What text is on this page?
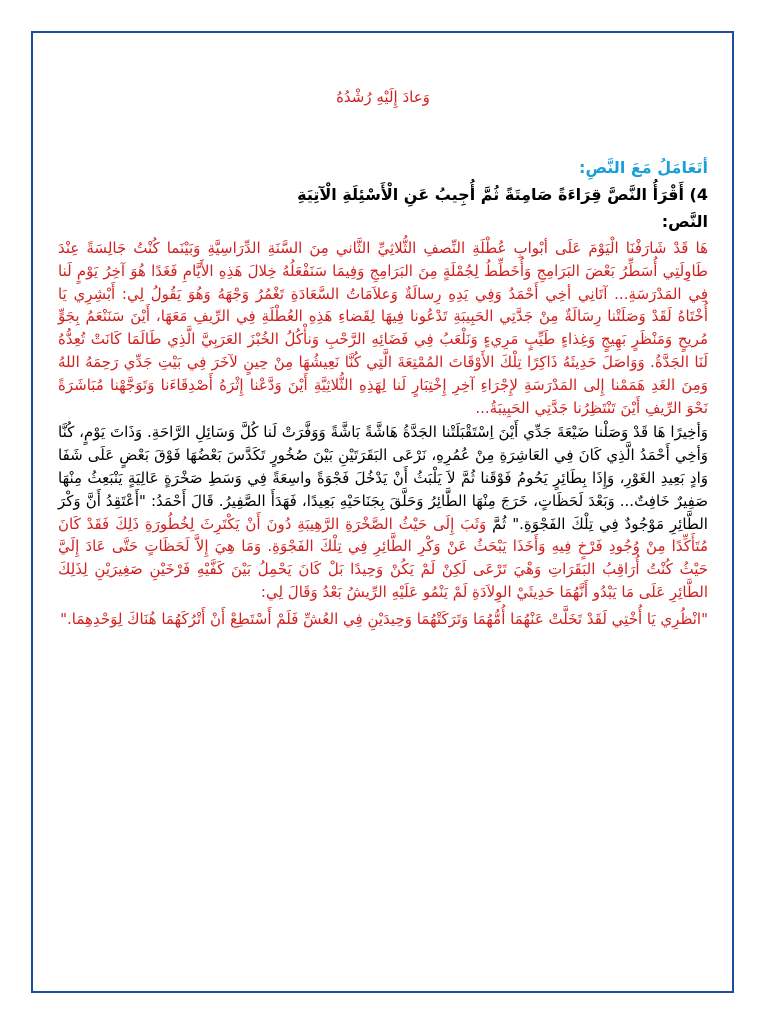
وَعادَ إِلَيْهِ رُشْدُهُ

أتَعَامَلُ مَعَ النَّصِ:

4) أَقْرَأُ النَّصَّ قِرَاءَةً صَامِتَةً ثُمَّ أُجِيبُ عَنِ الْأَسْئِلَةِ الْآتِيَةِ

النَّص:

هَا قَدْ شَارَفْنَا الْيَوْمَ عَلَى أبْوابِ عُطْلَةِ النِّصفِ الثُّلاثِيِّ الثَّاني مِنَ السَّنَةِ الدِّرَاسِيَّةِ وَبَيْنَما كُنْتُ جَالِسَةً عِنْدَ طَاوِلَتِي أُسَطِّرُ بَعْضَ البَرَامِجِ وَأُخَطِّطُ لِجُمْلَةٍ مِنَ البَرَامِجِ وَفِيمَا سَنَفْعَلُهُ خِلالَ هَذِهِ الأَيَّامِ فَغَدًا هُوَ آخِرُ يَوْمٍ لَنا فِي المَدْرَسَةِ... آتَانِي أخِي أَحْمَدُ وَفِي يَدِهِ رِسالَةٌ وَعلاَمَاتُ السَّعَادَةِ تَغْمُرُ وَجْهَهُ وَهُوَ يَقُولُ لِي: أَبْشِرِي يَا أُخْتَاهُ لَقَدْ وَصَلَتْنا رِسَالَةٌ مِنْ جَدَّتِي الحَبِيبَةِ تَدْعُونا فِيهَا لِقَضاءِ هَذِهِ العُطْلَةِ فِي الرِّيفِ مَعَهَا، أَيْنَ سَنَنْعَمُ بِجَوٍّ مُريحٍ وَمَنْظَرٍ بَهِيجٍ وَغِذاءٍ طَيِّبٍ مَرِيءٍ وَنَلْعَبُ فِي فَضَائِهِ الرَّحْبِ وَنأْكُلُ الخُبْزَ العَرَبِيَّ الَّذِي طَالَمَا كَانَتْ تُعِدُّهُ لَنَا الجَدَّةُ. وَوَاصَلَ حَدِيثَهُ ذَاكِرًا تِلْكَ الأَوْقَاتَ المُمْتِعَةَ الَّتِي كُنَّا نَعِيشُهَا مِنْ حِينٍ لآخَرَ فِي بَيْتِ جَدِّي رَحِمَهُ اللهُ وَمِنَ الغَدِ هَمَمْنا إِلى المَدْرَسَةِ لإِجْرَاءِ آخِرِ إِخْتِبَارٍ لَنا لِهَذِهِ الثُّلاثِيَّةِ أَيْنَ وَدَّعْنا إِثْرَهُ أَصْدِقَاءَنا وَتَوَجَّهْنا مُبَاشَرَةً نَحْوَ الرِّيفِ أَيْنَ تَنْتَظِرُنا جَدَّتِي الحَبِيبَةُ...

وَأخِيرًا هَا قَدْ وَصَلْنا ضَيْعَةَ جَدِّي أَيْنَ اِسْتَقْبَلَتْنا الجَدَّةُ هَاشَّةً بَاشَّةً وَوَفَّرَتْ لَنا كُلَّ وَسَائِلِ الرَّاحَةِ. وَذَاتَ يَوْمٍ، كُنَّا وَأخِي أَحْمَدُ الَّذِي كَانَ فِي العَاشِرَةِ مِنْ عُمُرِهِ، نَرْعَى البَقَرَتَيْنِ بَيْنَ صُخُورٍ تَكَدَّسَ بَعْضُهَا فَوْقَ بَعْضٍ عَلَى شَفَا وَادٍ بَعِيدِ الغَوْرِ، وَإِذَا بِطَائِرٍ يَحُومُ فَوْقَنا ثُمَّ لاَ يَلْبَثُ أَنْ يَدْخُلَ فَجْوَةً واسِعَةً فِي وَسَطِ صَخْرَةٍ عَالِيَةٍ يَنْبَعِثُ مِنْهَا صَفِيرٌ خَافِتٌ... وَبَعْدَ لَحَظَاتٍ، خَرَجَ مِنْهَا الطَّائِرُ وَحَلَّقَ بِجَنَاحَيْهِ بَعِيدًا، فَهَدَأَ الصَّفِيرُ. قَالَ أَحْمَدُ: "أَعْتَقِدُ أَنَّ وَكْرَ الطَّائِرِ مَوْجُودٌ فِي تِلْكَ الفَجْوَةِ." ثُمَّ وَثَبَ إِلَى حَيْثُ الصَّخْرَةِ الرَّهِيبَةِ دُونَ أَنْ يَكْتَرِثَ لِخُطُورَةِ ذَلِكَ فَقَدْ كَانَ مُتَأَكِّدًا مِنْ وُجُودِ فَرْخٍ فِيهِ وَأَخَذَا يَبْحَثُ عَنْ وَكْرِ الطَّائِرِ فِي تِلْكَ الفَجْوَةِ. وَمَا هِيَ إِلاَّ لَحَظَاتٍ حَتَّى عَادَ إِلَيَّ حَيْثُ كُنْتُ أُرَاقِبُ البَقَرَاتِ وَهْيَ تَرْعَى لَكِنْ لَمْ يَكُنْ وَحِيدًا بَلْ كَانَ يَحْمِلُ بَيْنَ كَفَّيْهِ فَرْخَيْنِ صَغِيرَيْنِ لِذَلِكَ الطَّائِرِ عَلَى مَا يَبْدُو أَنَّهُمَا حَدِيثَيْ الوِلاَدَةِ لَمْ يَنْمُو عَلَيْهِ الرِّيشُ بَعْدُ وَقَالَ لِي:

"انْظُرِي يَا أُخْتِي لَقَدْ تَخَلَّتْ عَنْهُمَا أُمُّهُمَا وَتَرَكَتْهُمَا وَحِيدَيْنِ فِي العُشِّ فَلَمْ أَسْتَطِعْ أَنْ أَتْرُكَهُمَا هُنَاكَ لِوَحْدِهِمَا."
